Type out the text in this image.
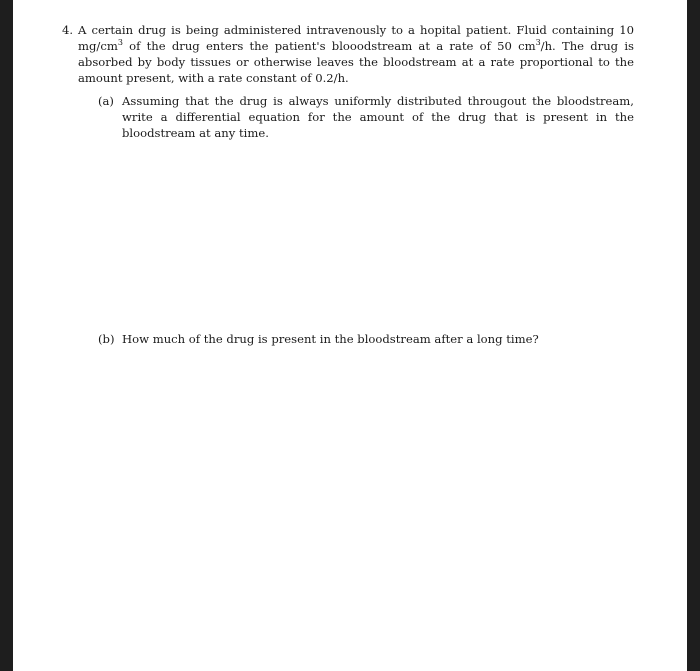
4. A certain drug is being administered intravenously to a hopital patient. Fluid containing 10 $mg/cm^3$ of the drug enters the patient's blooodstream at a rate of 50 $cm^3/h$. The drug is absorbed by body tissues or otherwise leaves the bloodstream at a rate proportional to the amount present, with a rate constant of 0.2/h.

(a) Assuming that the drug is always uniformly distributed througout the bloodstream, write a differential equation for the amount of the drug that is present in the bloodstream at any time.

(b) How much of the drug is present in the bloodstream after a long time?
